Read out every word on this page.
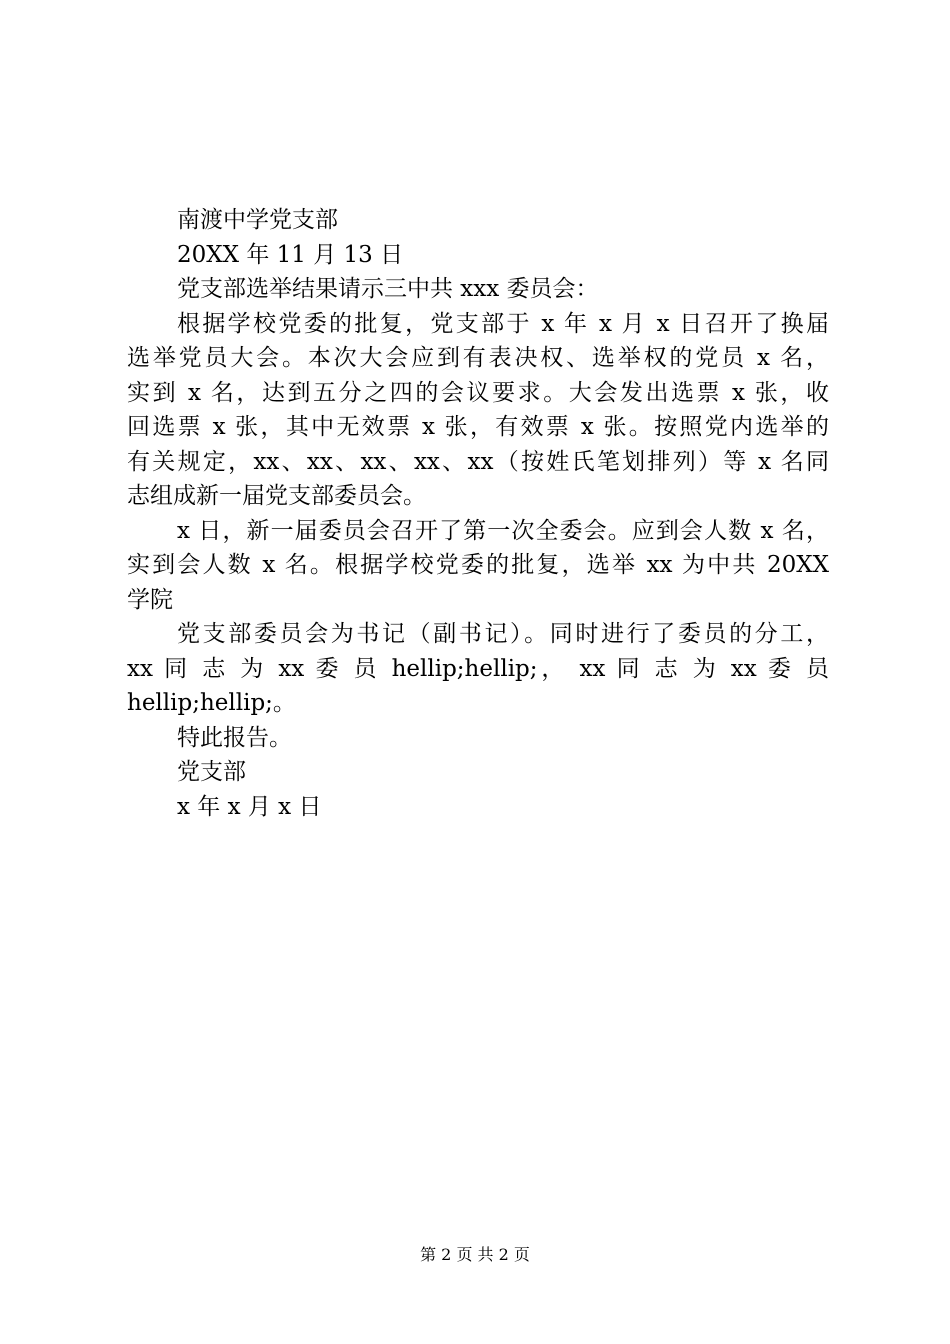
南渡中学党支部

20XX 年 11 月 13 日

党支部选举结果请示三中共 xxx 委员会：

根据学校党委的批复，党支部于 x 年 x 月 x 日召开了换届
选举党员大会。本次大会应到有表决权、选举权的党员 x 名，
实到 x 名，达到五分之四的会议要求。大会发出选票 x 张，收
回选票 x 张，其中无效票 x 张，有效票 x 张。按照党内选举的
有关规定，xx、xx、xx、xx、xx（按姓氏笔划排列）等 x 名同
志组成新一届党支部委员会。
x 日，新一届委员会召开了第一次全委会。应到会人数 x 名，
实到会人数 x 名。根据学校党委的批复，选举 xx 为中共 20XX
学院
党支部委员会为书记（副书记）。同时进行了委员的分工，
xx 同 志 为 xx 委 员 hellip;hellip;， xx 同 志 为 xx 委 员
hellip;hellip;。

特此报告。

党支部

x 年 x 月 x 日

第 2 页 共 2 页
